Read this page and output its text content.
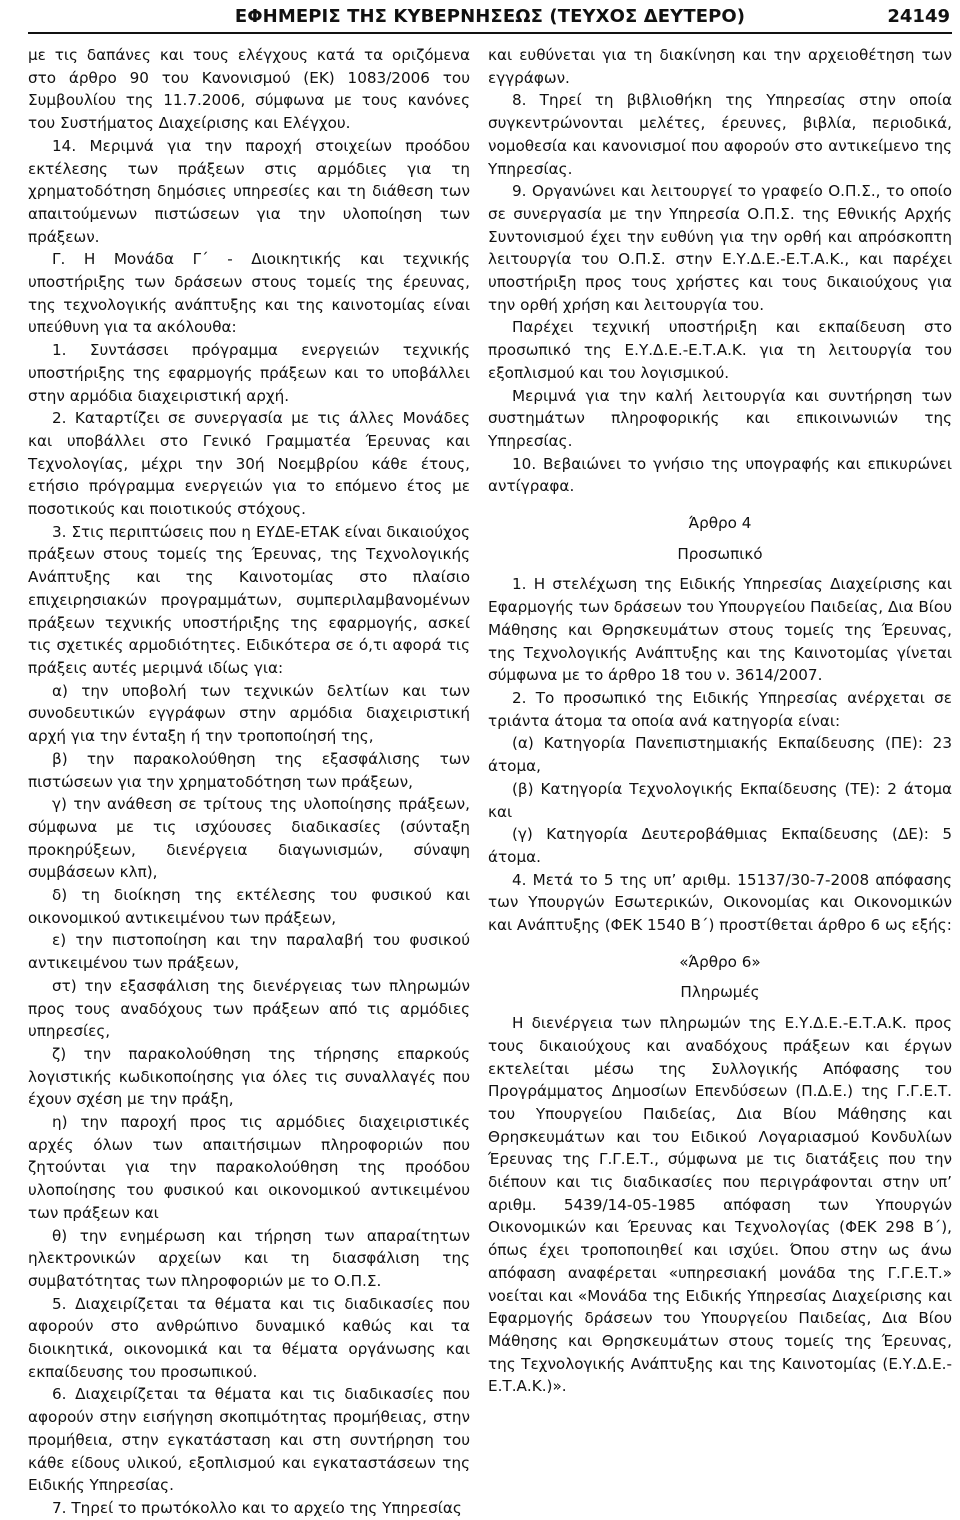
ΕΦΗΜΕΡΙΣ ΤΗΣ ΚΥΒΕΡΝΗΣΕΩΣ (ΤΕΥΧΟΣ ΔΕΥΤΕΡΟ)	24149

με τις δαπάνες και τους ελέγχους κατά τα οριζόμενα στο άρθρο 90 του Κανονισμού (ΕΚ) 1083/2006 του Συμβουλίου της 11.7.2006, σύμφωνα με τους κανόνες του Συστήματος Διαχείρισης και Ελέγχου.

14. Μεριμνά για την παροχή στοιχείων προόδου εκτέλεσης των πράξεων στις αρμόδιες για τη χρηματοδότηση δημόσιες υπηρεσίες και τη διάθεση των απαιτούμενων πιστώσεων για την υλοποίηση των πράξεων.

Γ. Η Μονάδα Γ΄ - Διοικητικής και τεχνικής υποστήριξης των δράσεων στους τομείς της έρευνας, της τεχνολογικής ανάπτυξης και της καινοτομίας είναι υπεύθυνη για τα ακόλουθα:

1. Συντάσσει πρόγραμμα ενεργειών τεχνικής υποστήριξης της εφαρμογής πράξεων και το υποβάλλει στην αρμόδια διαχειριστική αρχή.

2. Καταρτίζει σε συνεργασία με τις άλλες Μονάδες και υποβάλλει στο Γενικό Γραμματέα Έρευνας και Τεχνολογίας, μέχρι την 30ή Νοεμβρίου κάθε έτους, ετήσιο πρόγραμμα ενεργειών για το επόμενο έτος με ποσοτικούς και ποιοτικούς στόχους.

3. Στις περιπτώσεις που η ΕΥΔΕ-ΕΤΑΚ είναι δικαιούχος πράξεων στους τομείς της Έρευνας, της Τεχνολογικής Ανάπτυξης και της Καινοτομίας στο πλαίσιο επιχειρησιακών προγραμμάτων, συμπεριλαμβανομένων πράξεων τεχνικής υποστήριξης της εφαρμογής, ασκεί τις σχετικές αρμοδιότητες. Ειδικότερα σε ό,τι αφορά τις πράξεις αυτές μεριμνά ιδίως για:

α) την υποβολή των τεχνικών δελτίων και των συνοδευτικών εγγράφων στην αρμόδια διαχειριστική αρχή για την ένταξη ή την τροποποίησή της,

β) την παρακολούθηση της εξασφάλισης των πιστώσεων για την χρηματοδότηση των πράξεων,

γ) την ανάθεση σε τρίτους της υλοποίησης πράξεων, σύμφωνα με τις ισχύουσες διαδικασίες (σύνταξη προκηρύξεων, διενέργεια διαγωνισμών, σύναψη συμβάσεων κλπ),

δ) τη διοίκηση της εκτέλεσης του φυσικού και οικονομικού αντικειμένου των πράξεων,

ε) την πιστοποίηση και την παραλαβή του φυσικού αντικειμένου των πράξεων,

στ) την εξασφάλιση της διενέργειας των πληρωμών προς τους αναδόχους των πράξεων από τις αρμόδιες υπηρεσίες,

ζ) την παρακολούθηση της τήρησης επαρκούς λογιστικής κωδικοποίησης για όλες τις συναλλαγές που έχουν σχέση με την πράξη,

η) την παροχή προς τις αρμόδιες διαχειριστικές αρχές όλων των απαιτήσιμων πληροφοριών που ζητούνται για την παρακολούθηση της προόδου υλοποίησης του φυσικού και οικονομικού αντικειμένου των πράξεων και

θ) την ενημέρωση και τήρηση των απαραίτητων ηλεκτρονικών αρχείων και τη διασφάλιση της συμβατότητας των πληροφοριών με το Ο.Π.Σ.

5. Διαχειρίζεται τα θέματα και τις διαδικασίες που αφορούν στο ανθρώπινο δυναμικό καθώς και τα διοικητικά, οικονομικά και τα θέματα οργάνωσης και εκπαίδευσης του προσωπικού.

6. Διαχειρίζεται τα θέματα και τις διαδικασίες που αφορούν στην εισήγηση σκοπιμότητας προμήθειας, στην προμήθεια, στην εγκατάσταση και στη συντήρηση του κάθε είδους υλικού, εξοπλισμού και εγκαταστάσεων της Ειδικής Υπηρεσίας.

7. Τηρεί το πρωτόκολλο και το αρχείο της Υπηρεσίας

και ευθύνεται για τη διακίνηση και την αρχειοθέτηση των εγγράφων.

8. Τηρεί τη βιβλιοθήκη της Υπηρεσίας στην οποία συγκεντρώνονται μελέτες, έρευνες, βιβλία, περιοδικά, νομοθεσία και κανονισμοί που αφορούν στο αντικείμενο της Υπηρεσίας.

9. Οργανώνει και λειτουργεί το γραφείο Ο.Π.Σ., το οποίο σε συνεργασία με την Υπηρεσία Ο.Π.Σ. της Εθνικής Αρχής Συντονισμού έχει την ευθύνη για την ορθή και απρόσκοπτη λειτουργία του Ο.Π.Σ. στην Ε.Υ.Δ.Ε.-Ε.Τ.Α.Κ., και παρέχει υποστήριξη προς τους χρήστες και τους δικαιούχους για την ορθή χρήση και λειτουργία του.

Παρέχει τεχνική υποστήριξη και εκπαίδευση στο προσωπικό της Ε.Υ.Δ.Ε.-Ε.Τ.Α.Κ. για τη λειτουργία του εξοπλισμού και του λογισμικού.

Μεριμνά για την καλή λειτουργία και συντήρηση των συστημάτων πληροφορικής και επικοινωνιών της Υπηρεσίας.

10. Βεβαιώνει το γνήσιο της υπογραφής και επικυρώνει αντίγραφα.

Άρθρο 4

Προσωπικό

1. Η στελέχωση της Ειδικής Υπηρεσίας Διαχείρισης και Εφαρμογής των δράσεων του Υπουργείου Παιδείας, Δια Βίου Μάθησης και Θρησκευμάτων στους τομείς της Έρευνας, της Τεχνολογικής Ανάπτυξης και της Καινοτομίας γίνεται σύμφωνα με το άρθρο 18 του ν. 3614/2007.

2. Το προσωπικό της Ειδικής Υπηρεσίας ανέρχεται σε τριάντα άτομα τα οποία ανά κατηγορία είναι:

(α) Κατηγορία Πανεπιστημιακής Εκπαίδευσης (ΠΕ): 23 άτομα,

(β) Κατηγορία Τεχνολογικής Εκπαίδευσης (ΤΕ): 2 άτομα και

(γ) Κατηγορία Δευτεροβάθμιας Εκπαίδευσης (ΔΕ): 5 άτομα.

4. Μετά το 5 της υπ’ αριθμ. 15137/30-7-2008 απόφασης των Υπουργών Εσωτερικών, Οικονομίας και Οικονομικών και Ανάπτυξης (ΦΕΚ 1540 Β΄) προστίθεται άρθρο 6 ως εξής:

«Άρθρο 6»

Πληρωμές

Η διενέργεια των πληρωμών της Ε.Υ.Δ.Ε.-Ε.Τ.Α.Κ. προς τους δικαιούχους και αναδόχους πράξεων και έργων εκτελείται μέσω της Συλλογικής Απόφασης του Προγράμματος Δημοσίων Επενδύσεων (Π.Δ.Ε.) της Γ.Γ.Ε.Τ. του Υπουργείου Παιδείας, Δια Βίου Μάθησης και Θρησκευμάτων και του Ειδικού Λογαριασμού Κονδυλίων Έρευνας της Γ.Γ.Ε.Τ., σύμφωνα με τις διατάξεις που την διέπουν και τις διαδικασίες που περιγράφονται στην υπ’ αριθμ. 5439/14-05-1985 απόφαση των Υπουργών Οικονομικών και Έρευνας και Τεχνολογίας (ΦΕΚ 298 Β΄), όπως έχει τροποποιηθεί και ισχύει. Όπου στην ως άνω απόφαση αναφέρεται «υπηρεσιακή μονάδα της Γ.Γ.Ε.Τ.» νοείται και «Μονάδα της Ειδικής Υπηρεσίας Διαχείρισης και Εφαρμογής δράσεων του Υπουργείου Παιδείας, Δια Βίου Μάθησης και Θρησκευμάτων στους τομείς της Έρευνας, της Τεχνολογικής Ανάπτυξης και της Καινοτομίας (Ε.Υ.Δ.Ε.-Ε.Τ.Α.Κ.)».
